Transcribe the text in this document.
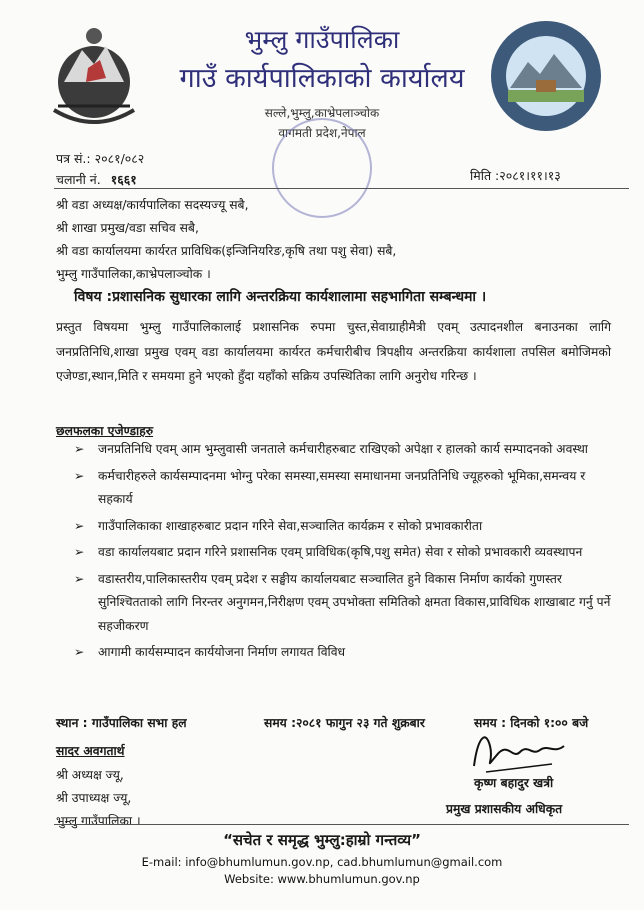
भुम्लु गाउँपालिका
गाउँ कार्यपालिकाको कार्यालय
सल्ले,भुम्लु,काभ्रेपलाञ्चोक
वागमती प्रदेश,नेपाल
पत्र सं.: २०८१/०८२
चलानी नं. १६६१	मिति :२०८१।११।१३
श्री वडा अध्यक्ष/कार्यपालिका सदस्यज्यू सबै,
श्री शाखा प्रमुख/वडा सचिव सबै,
श्री वडा कार्यालयमा कार्यरत प्राविधिक(इन्जिनियरिङ,कृषि तथा पशु सेवा) सबै,
भुम्लु गाउँपालिका,काभ्रेपलाञ्चोक ।
विषय :प्रशासनिक सुधारका लागि अन्तरक्रिया कार्यशालामा सहभागिता सम्बन्धमा ।
प्रस्तुत विषयमा भुम्लु गाउँपालिकालाई प्रशासनिक रुपमा चुस्त,सेवाग्राहीमैत्री एवम् उत्पादनशील बनाउनका लागि जनप्रतिनिधि,शाखा प्रमुख एवम् वडा कार्यालयमा कार्यरत कर्मचारीबीच त्रिपक्षीय अन्तरक्रिया कार्यशाला तपसिल बमोजिमको एजेण्डा,स्थान,मिति र समयमा हुने भएको हुँदा यहाँको सक्रिय उपस्थितिका लागि अनुरोध गरिन्छ ।
छलफलका एजेण्डाहरु
➢ जनप्रतिनिधि एवम् आम भुम्लुवासी जनताले कर्मचारीहरुबाट राखिएको अपेक्षा र हालको कार्य सम्पादनको अवस्था
➢ कर्मचारीहरुले कार्यसम्पादनमा भोग्नु परेका समस्या,समस्या समाधानमा जनप्रतिनिधि ज्यूहरुको भूमिका,समन्वय र सहकार्य
➢ गाउँपालिकाका शाखाहरुबाट प्रदान गरिने सेवा,सञ्चालित कार्यक्रम र सोको प्रभावकारीता
➢ वडा कार्यालयबाट प्रदान गरिने प्रशासनिक एवम् प्राविधिक(कृषि,पशु समेत) सेवा र सोको प्रभावकारी व्यवस्थापन
➢ वडास्तरीय,पालिकास्तरीय एवम् प्रदेश र सङ्घीय कार्यालयबाट सञ्चालित हुने विकास निर्माण कार्यको गुणस्तर सुनिश्चितताको लागि निरन्तर अनुगमन,निरीक्षण एवम् उपभोक्ता समितिको क्षमता विकास,प्राविधिक शाखाबाट गर्नु पर्ने सहजीकरण
➢ आगामी कार्यसम्पादन कार्ययोजना निर्माण लगायत विविध
स्थान : गाउँपालिका सभा हल	समय :२०८१ फागुन २३ गते शुक्रबार	समय : दिनको १:०० बजे
सादर अवगतार्थ
श्री अध्यक्ष ज्यू,
श्री उपाध्यक्ष ज्यू,
भुम्लु गाउँपालिका ।
कृष्ण बहादुर खत्री
प्रमुख प्रशासकीय अधिकृत
“सचेत र समृद्ध भुम्लु:हाम्रो गन्तव्य”
E-mail: info@bhumlumun.gov.np, cad.bhumlumun@gmail.com
Website: www.bhumlumun.gov.np
